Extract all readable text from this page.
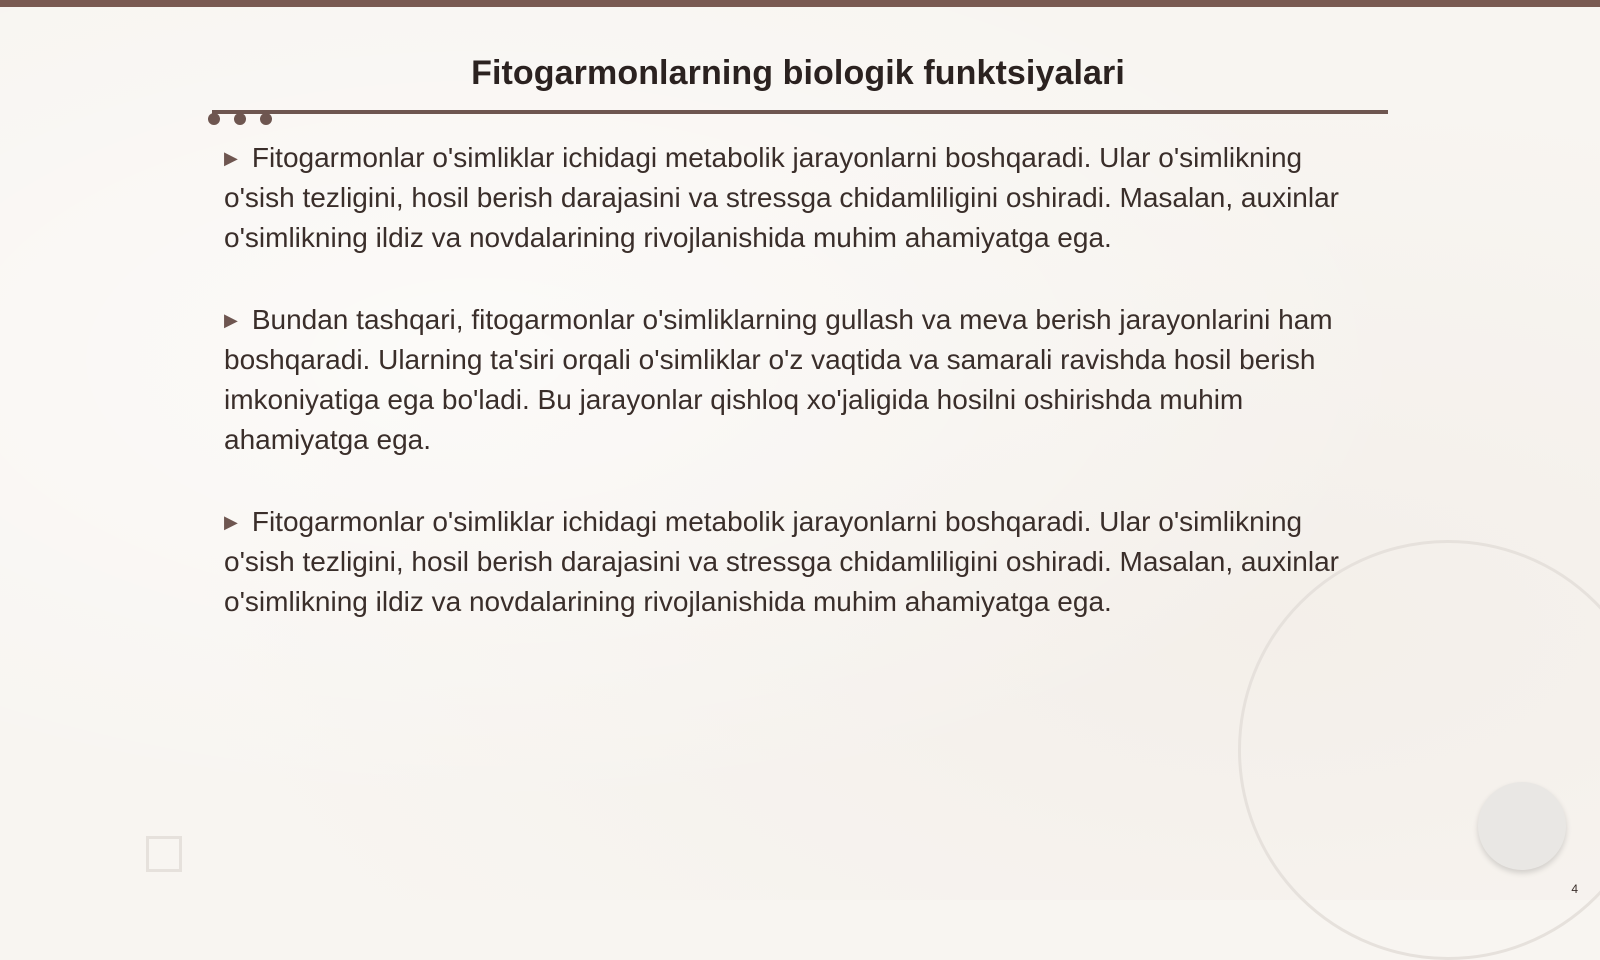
Fitogarmonlarning biologik funktsiyalari

▶ Fitogarmonlar o'simliklar ichidagi metabolik jarayonlarni boshqaradi. Ular o'simlikning o'sish tezligini, hosil berish darajasini va stressga chidamliligini oshiradi. Masalan, auxinlar o'simlikning ildiz va novdalarining rivojlanishida muhim ahamiyatga ega.

▶ Bundan tashqari, fitogarmonlar o'simliklarning gullash va meva berish jarayonlarini ham boshqaradi. Ularning ta'siri orqali o'simliklar o'z vaqtida va samarali ravishda hosil berish imkoniyatiga ega bo'ladi. Bu jarayonlar qishloq xo'jaligida hosilni oshirishda muhim ahamiyatga ega.

▶ Fitogarmonlar o'simliklar ichidagi metabolik jarayonlarni boshqaradi. Ular o'simlikning o'sish tezligini, hosil berish darajasini va stressga chidamliligini oshiradi. Masalan, auxinlar o'simlikning ildiz va novdalarining rivojlanishida muhim ahamiyatga ega.

4
